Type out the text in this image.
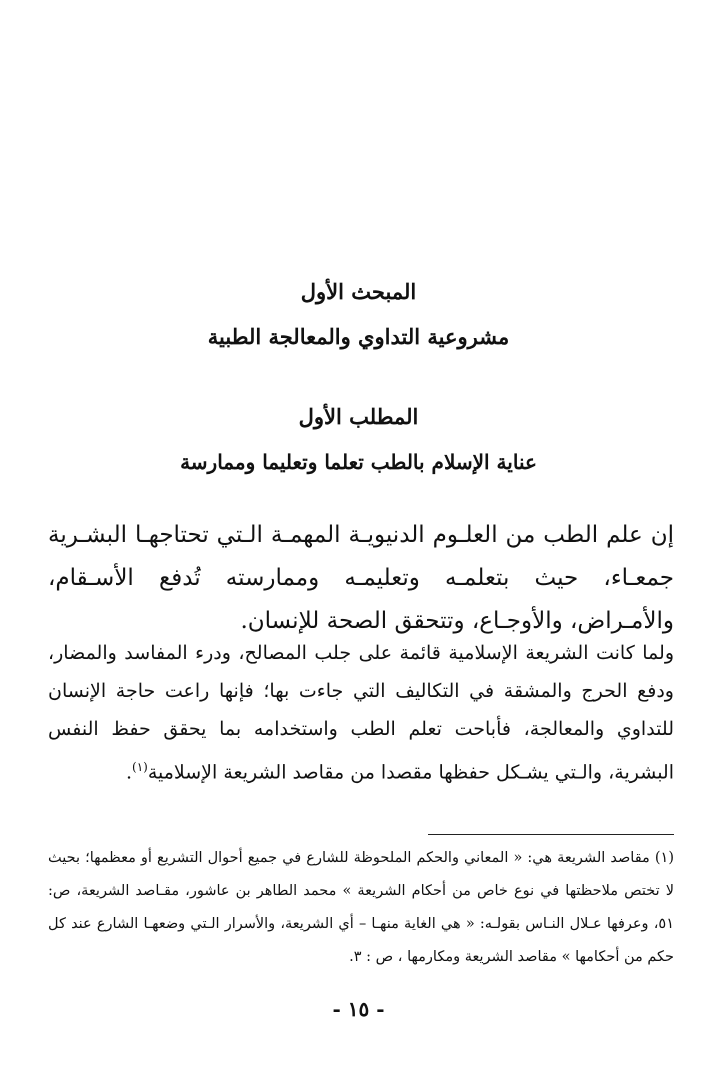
المبحث الأول
مشروعية التداوي والمعالجة الطبية
المطلب الأول
عناية الإسلام بالطب تعلما وتعليما وممارسة

إن علم الطب من العلـوم الدنيويـة المهمـة الـتي تحتاجهـا البشـرية جمعـاء، حيث بتعلمـه وتعليمـه وممارسته تُدفع الأسـقام، والأمـراض، والأوجـاع، وتتحقق الصحة للإنسان.

ولما كانت الشريعة الإسلامية قائمة على جلب المصالح، ودرء المفاسد والمضار، ودفع الحرج والمشقة في التكاليف التي جاءت بها؛ فإنها راعت حاجة الإنسان للتداوي والمعالجة، فأباحت تعلم الطب واستخدامه بما يحقق حفظ النفس البشرية، والـتي يشـكل حفظها مقصدا من مقاصد الشريعة الإسلامية$^{(١)}$.

(١) مقاصد الشريعة هي: « المعاني والحكم الملحوظة للشارع في جميع أحوال التشريع أو معظمها؛ بحيث لا تختص ملاحظتها في نوع خاص من أحكام الشريعة » محمد الطاهر بن عاشور، مقـاصد الشريعة، ص: ٥١، وعرفها عـلال النـاس بقولـه: « هي الغاية منهـا – أي الشريعة، والأسرار الـتي وضعهـا الشارع عند كل حكم من أحكامها » مقاصد الشريعة ومكارمها ، ص : ٣.

- ١٥ -
